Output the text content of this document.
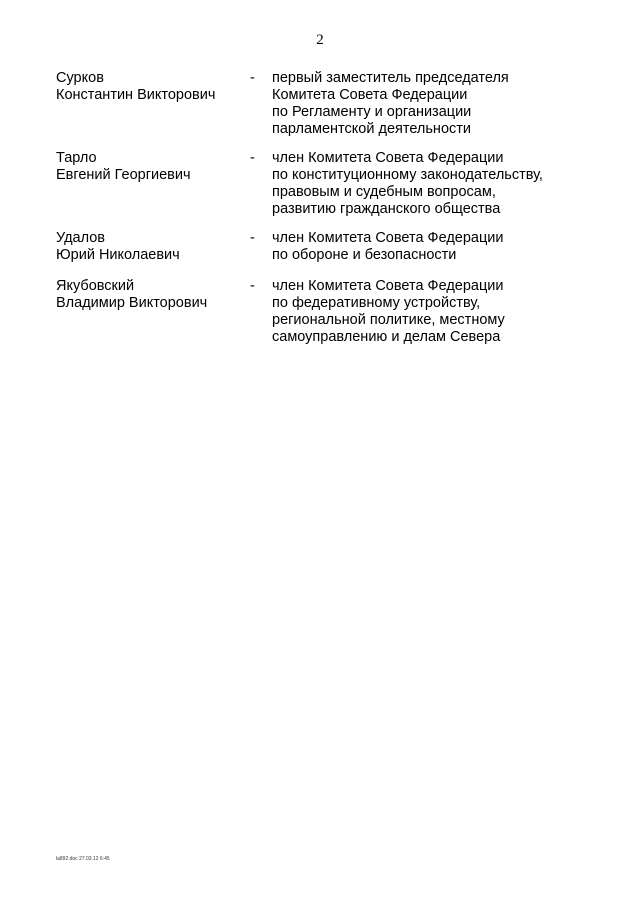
2
Сурков
Константин Викторович
- первый заместитель председателя
Комитета Совета Федерации
по Регламенту и организации
парламентской деятельности
Тарло
Евгений Георгиевич
- член Комитета Совета Федерации
по конституционному законодательству,
правовым и судебным вопросам,
развитию гражданского общества
Удалов
Юрий Николаевич
- член Комитета Совета Федерации
по обороне и безопасности
Якубовский
Владимир Викторович
- член Комитета Совета Федерации
по федеративному устройству,
региональной политике, местному
самоуправлению и делам Севера
la892.doc 27.03.12 6:45
